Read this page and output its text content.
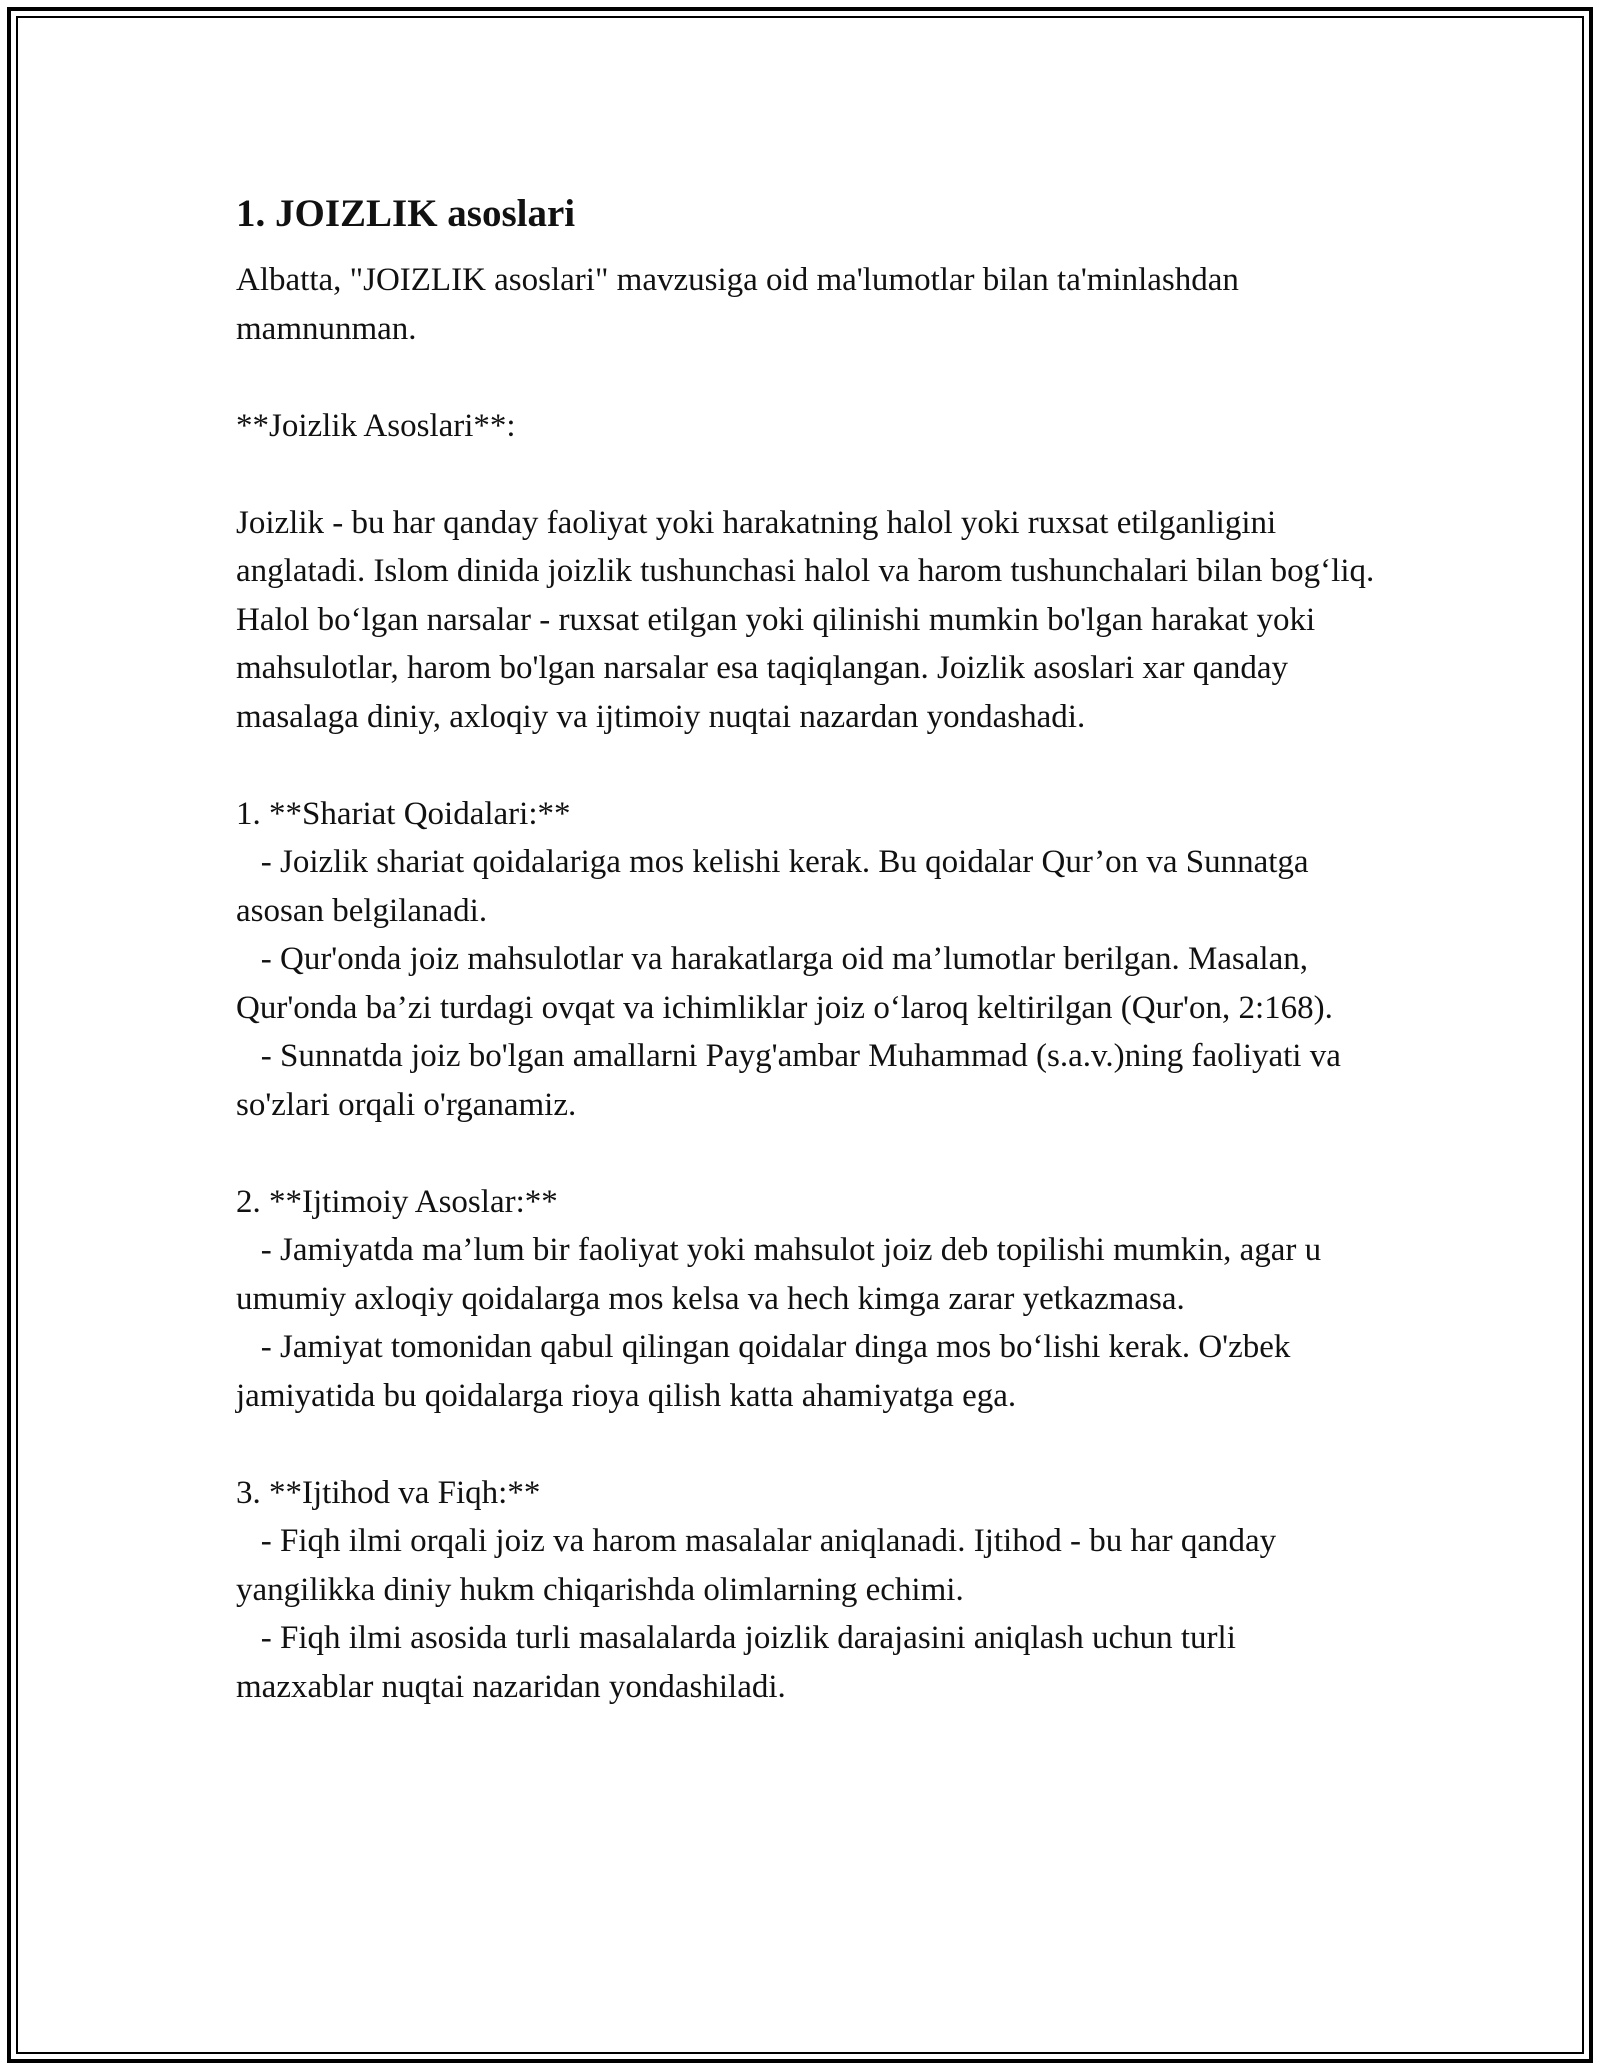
1. JOIZLIK asoslari

Albatta, "JOIZLIK asoslari" mavzusiga oid ma'lumotlar bilan ta'minlashdan mamnunman.

**Joizlik Asoslari**:

Joizlik - bu har qanday faoliyat yoki harakatning halol yoki ruxsat etilganligini anglatadi. Islom dinida joizlik tushunchasi halol va harom tushunchalari bilan bog‘liq. Halol bo‘lgan narsalar - ruxsat etilgan yoki qilinishi mumkin bo'lgan harakat yoki mahsulotlar, harom bo'lgan narsalar esa taqiqlangan. Joizlik asoslari xar qanday masalaga diniy, axloqiy va ijtimoiy nuqtai nazardan yondashadi.

1. **Shariat Qoidalari:**

- Joizlik shariat qoidalariga mos kelishi kerak. Bu qoidalar Qur’on va Sunnatga asosan belgilanadi.

- Qur'onda joiz mahsulotlar va harakatlarga oid ma’lumotlar berilgan. Masalan, Qur'onda ba’zi turdagi ovqat va ichimliklar joiz o‘laroq keltirilgan (Qur'on, 2:168).

- Sunnatda joiz bo'lgan amallarni Payg'ambar Muhammad (s.a.v.)ning faoliyati va so'zlari orqali o'rganamiz.

2. **Ijtimoiy Asoslar:**

- Jamiyatda ma’lum bir faoliyat yoki mahsulot joiz deb topilishi mumkin, agar u umumiy axloqiy qoidalarga mos kelsa va hech kimga zarar yetkazmasa.

- Jamiyat tomonidan qabul qilingan qoidalar dinga mos bo‘lishi kerak. O'zbek jamiyatida bu qoidalarga rioya qilish katta ahamiyatga ega.

3. **Ijtihod va Fiqh:**

- Fiqh ilmi orqali joiz va harom masalalar aniqlanadi. Ijtihod - bu har qanday yangilikka diniy hukm chiqarishda olimlarning echimi.

- Fiqh ilmi asosida turli masalalarda joizlik darajasini aniqlash uchun turli mazxablar nuqtai nazaridan yondashiladi.
